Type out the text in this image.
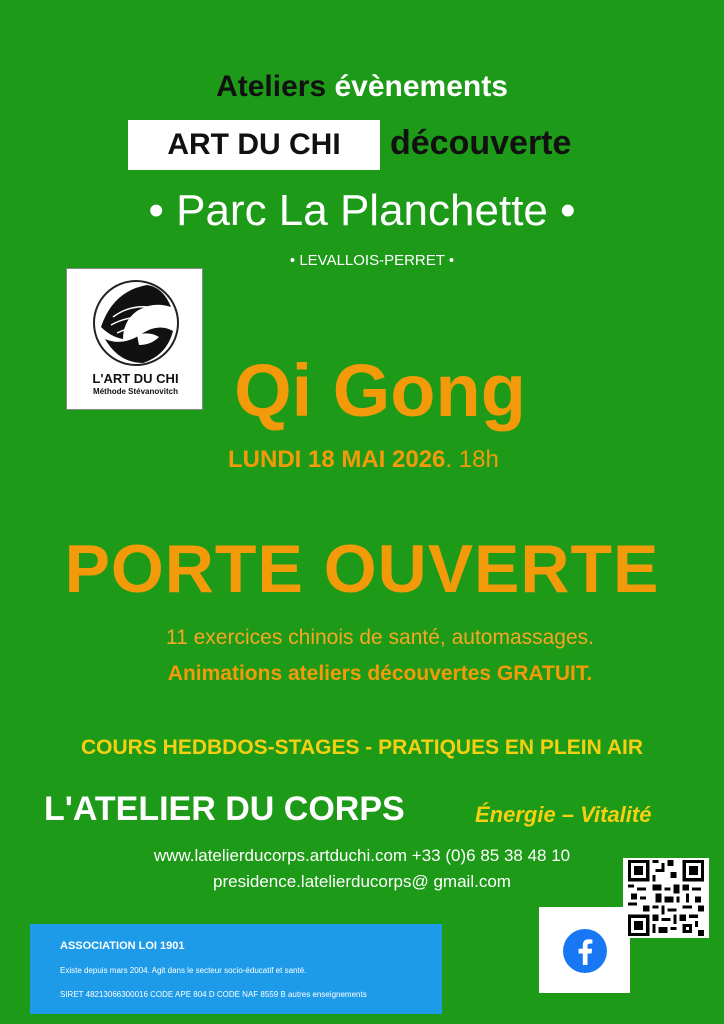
Ateliers évènements
ART DU CHI découverte
• Parc La Planchette •
• LEVALLOIS-PERRET •
L'ART DU CHI
Méthode Stévanovitch Qi Gong
LUNDI 18 MAI 2026. 18h
PORTE OUVERTE
11 exercices chinois de santé, automassages.
Animations ateliers découvertes GRATUIT.
COURS HEDBDOS-STAGES - PRATIQUES EN PLEIN AIR
L'ATELIER DU CORPS	Énergie – Vitalité
www.latelierducorps.artduchi.com +33 (0)6 85 38 48 10
presidence.latelierducorps@ gmail.com
ASSOCIATION LOI 1901
Existe depuis mars 2004. Agit dans le secteur socio-éducatif et santé.
SIRET 48213066300016 CODE APE 804 D CODE NAF 8559 B autres enseignements
